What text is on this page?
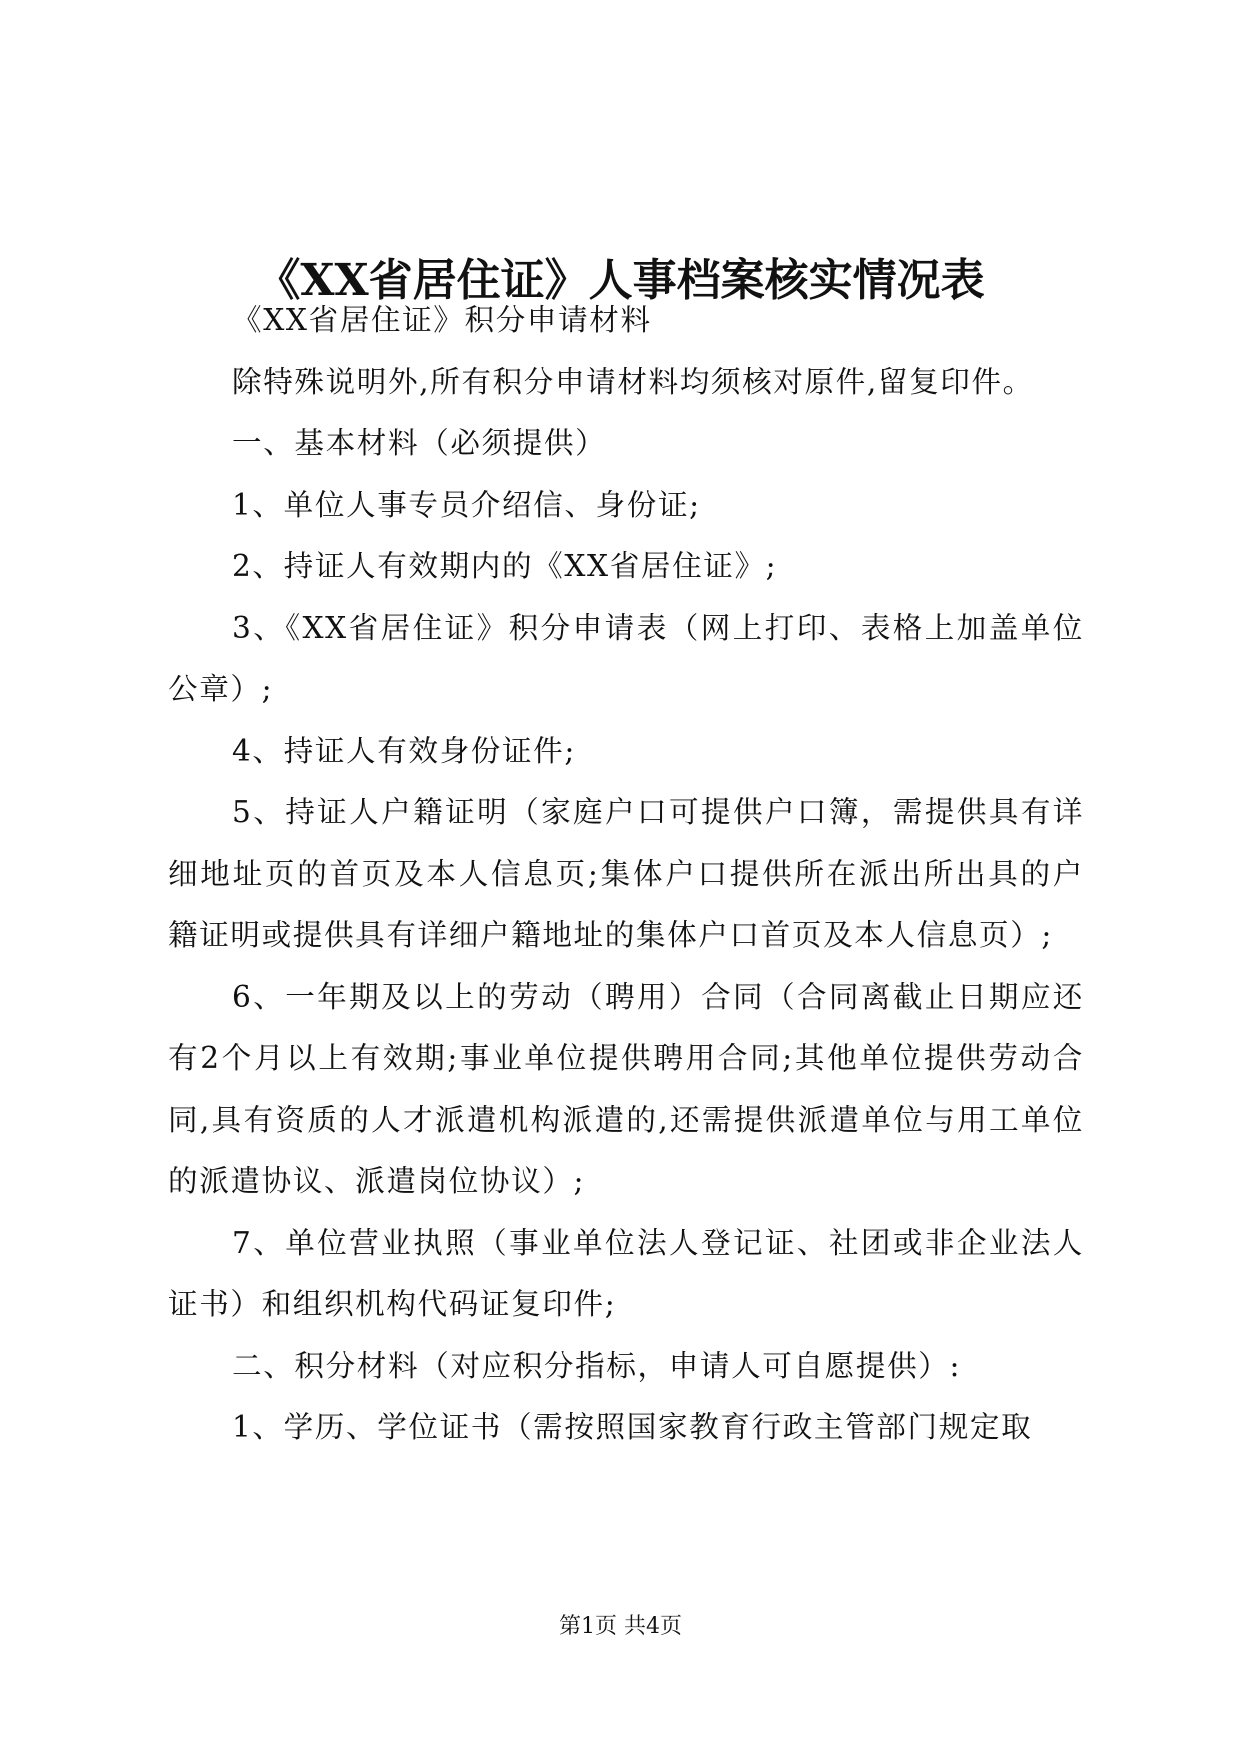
《XX省居住证》人事档案核实情况表

《XX省居住证》积分申请材料

除特殊说明外,所有积分申请材料均须核对原件,留复印件。

一、基本材料（必须提供）

1、单位人事专员介绍信、身份证;

2、持证人有效期内的《XX省居住证》;

3、《XX省居住证》积分申请表（网上打印、表格上加盖单位公章）;

4、持证人有效身份证件;

5、持证人户籍证明（家庭户口可提供户口簿，需提供具有详细地址页的首页及本人信息页;集体户口提供所在派出所出具的户籍证明或提供具有详细户籍地址的集体户口首页及本人信息页）;

6、一年期及以上的劳动（聘用）合同（合同离截止日期应还有2个月以上有效期;事业单位提供聘用合同;其他单位提供劳动合同,具有资质的人才派遣机构派遣的,还需提供派遣单位与用工单位的派遣协议、派遣岗位协议）;

7、单位营业执照（事业单位法人登记证、社团或非企业法人证书）和组织机构代码证复印件;

二、积分材料（对应积分指标，申请人可自愿提供）:

1、学历、学位证书（需按照国家教育行政主管部门规定取

第1页 共4页
